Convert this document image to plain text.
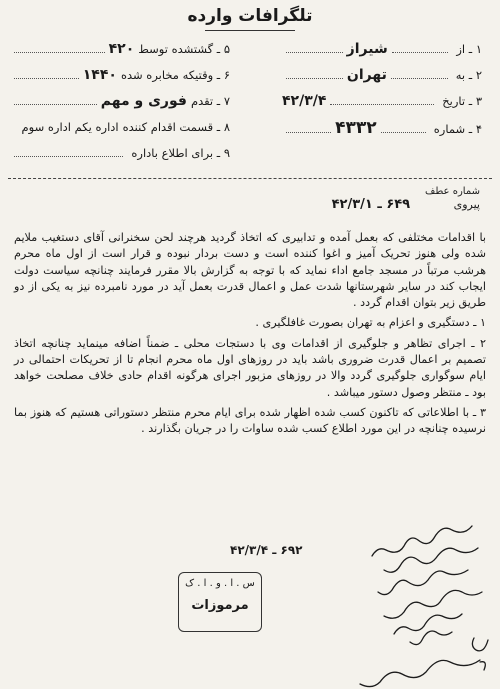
تلگرافات وارده
۱ ـ از
شیراز
۲ ـ به
تهران
۳ ـ تاریخ
۴۲/۳/۴
۴ ـ شماره
۴۳۳۲
۵ ـ گشتشده توسط
۴۲۰
۶ ـ وقتیکه مخابره شده
۱۴۴۰
۷ ـ تقدم
فوری و مهم
۸ ـ قسمت اقدام کننده
اداره یکم اداره سوم
۹ ـ برای اطلاع باداره
شماره عطف
پیروی ۶۴۹ ـ ۴۲/۳/۱

با اقدامات مختلفی که بعمل آمده و تدابیری که اتخاذ گردید هرچند لحن سخنرانی آقای دستغیب ملایم شده ولی هنوز تحریک آمیز و اغوا کننده است و دست بردار نبوده و قرار است از اول ماه محرم هرشب مرتباً در مسجد جامع اداء نماید که با توجه به گزارش بالا مقرر فرمایند چنانچه سیاست دولت ایجاب کند در سایر شهرستانها شدت عمل و اعمال قدرت بعمل آید در مورد نامبرده نیز به یکی از دو طریق زیر بتوان اقدام گردد .

۱ ـ دستگیری و اعزام به تهران بصورت غافلگیری .

۲ ـ اجرای تظاهر و جلوگیری از اقدامات وی با دستجات محلی ـ ضمناً اضافه مینماید چنانچه اتخاذ تصمیم بر اعمال قدرت ضروری باشد باید در روزهای اول ماه محرم انجام تا از تحریکات احتمالی در ایام سوگواری جلوگیری گردد والا در روزهای مزبور اجرای هرگونه اقدام حادی خلاف مصلحت خواهد بود ـ منتظر وصول دستور میباشد .

۳ ـ با اطلاعاتی که تاکنون کسب شده اظهار شده برای ایام محرم منتظر دستوراتی هستیم که هنوز بما نرسیده چنانچه در این مورد اطلاع کسب شده ساوات را در جریان بگذارند .

۶۹۲ ـ ۴۲/۳/۴
س . ا . و . ا . ک
مرموزات
